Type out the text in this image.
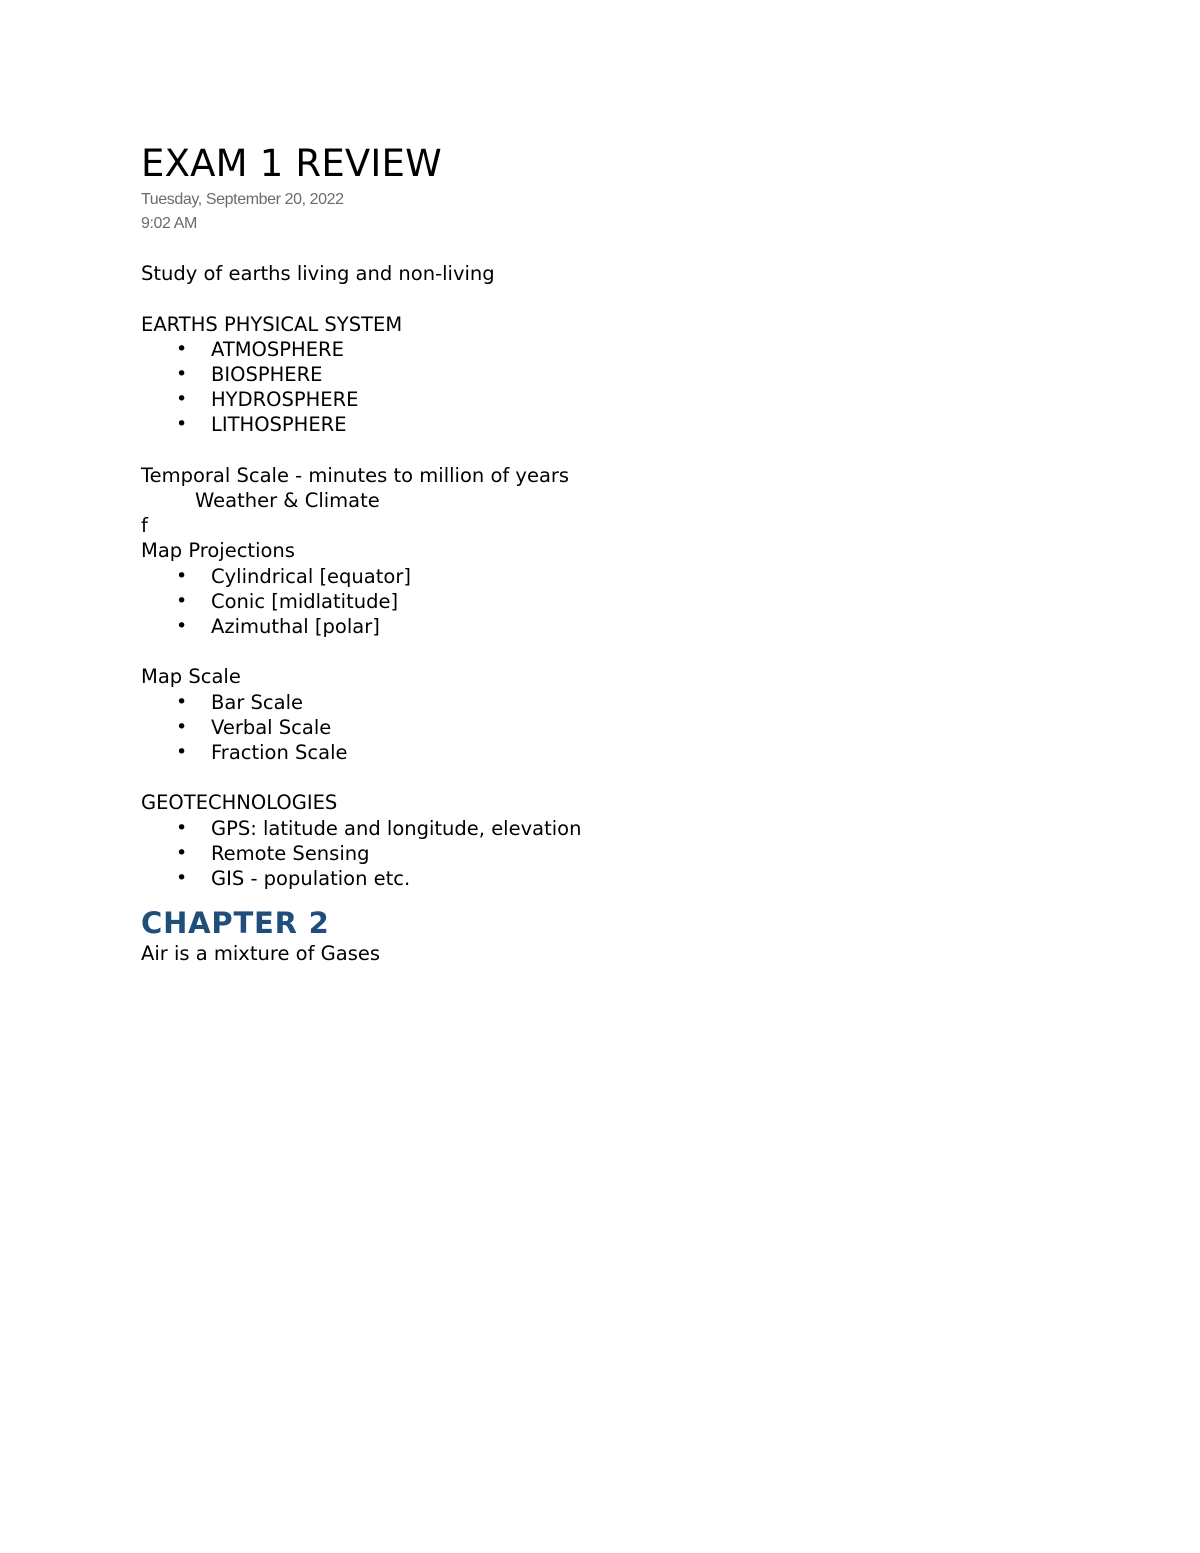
EXAM 1 REVIEW
Tuesday, September 20, 2022
9:02 AM

Study of earths living and non-living

EARTHS PHYSICAL SYSTEM

• ATMOSPHERE
• BIOSPHERE
• HYDROSPHERE
• LITHOSPHERE

Temporal Scale - minutes to million of years

Weather & Climate

f

Map Projections

• Cylindrical [equator]
• Conic [midlatitude]
• Azimuthal [polar]

Map Scale

• Bar Scale
• Verbal Scale
• Fraction Scale

GEOTECHNOLOGIES

• GPS: latitude and longitude, elevation
• Remote Sensing
• GIS - population etc.
CHAPTER 2

Air is a mixture of Gases
